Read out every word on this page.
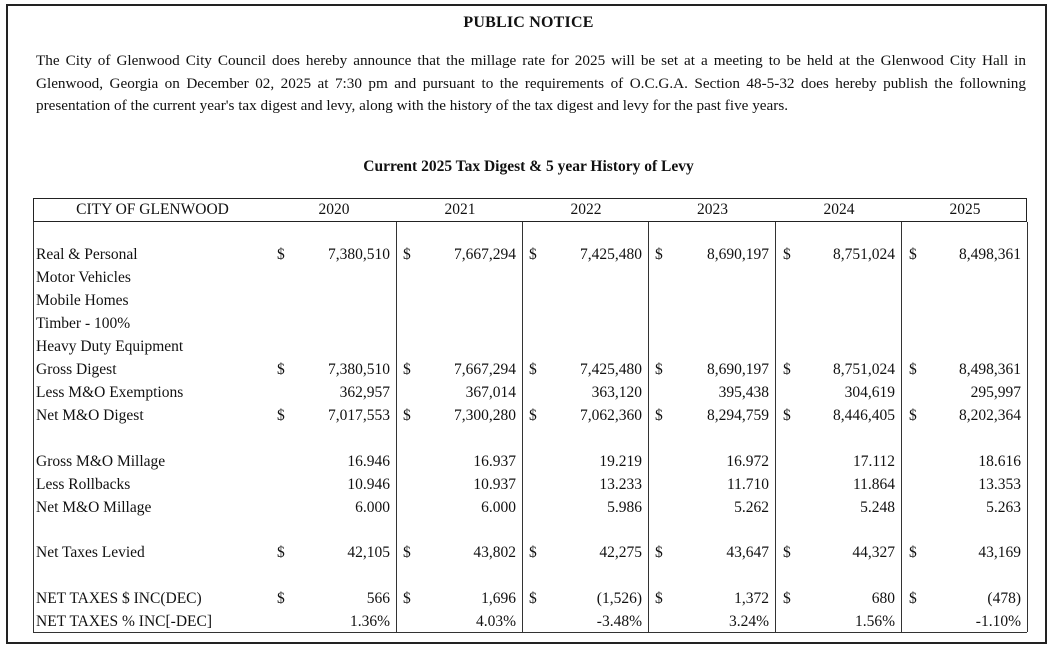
PUBLIC NOTICE
The City of Glenwood City Council does hereby announce that the millage rate for 2025 will be set at a meeting to be held at the Glenwood City Hall in Glenwood, Georgia on December 02, 2025 at 7:30 pm and pursuant to the requirements of O.C.G.A. Section 48-5-32 does hereby publish the followning presentation of the current year's tax digest and levy, along with the history of the tax digest and levy for the past five years.
Current 2025 Tax Digest & 5 year History of Levy
CITY OF GLENWOOD	2020	2021	2022	2023	2024	2025
Real & Personal	$	7,380,510 $	7,667,294 $	7,425,480 $	8,690,197 $	8,751,024 $	8,498,361
Motor Vehicles
Mobile Homes
Timber - 100%
Heavy Duty Equipment
Gross Digest	$	7,380,510 $	7,667,294 $	7,425,480 $	8,690,197 $	8,751,024 $	8,498,361
Less M&O Exemptions	362,957	367,014	363,120	395,438	304,619	295,997
Net M&O Digest	$	7,017,553 $	7,300,280 $	7,062,360 $	8,294,759 $	8,446,405 $	8,202,364
Gross M&O Millage	16.946	16.937	19.219	16.972	17.112	18.616
Less Rollbacks	10.946	10.937	13.233	11.710	11.864	13.353
Net M&O Millage	6.000	6.000	5.986	5.262	5.248	5.263
Net Taxes Levied	$	42,105 $	43,802 $	42,275 $	43,647 $	44,327 $	43,169
NET TAXES $ INC(DEC)	$	566 $	1,696 $	(1,526) $	1,372 $	680 $	(478)
NET TAXES % INC[-DEC]	1.36%	4.03%	-3.48%	3.24%	1.56%	-1.10%
